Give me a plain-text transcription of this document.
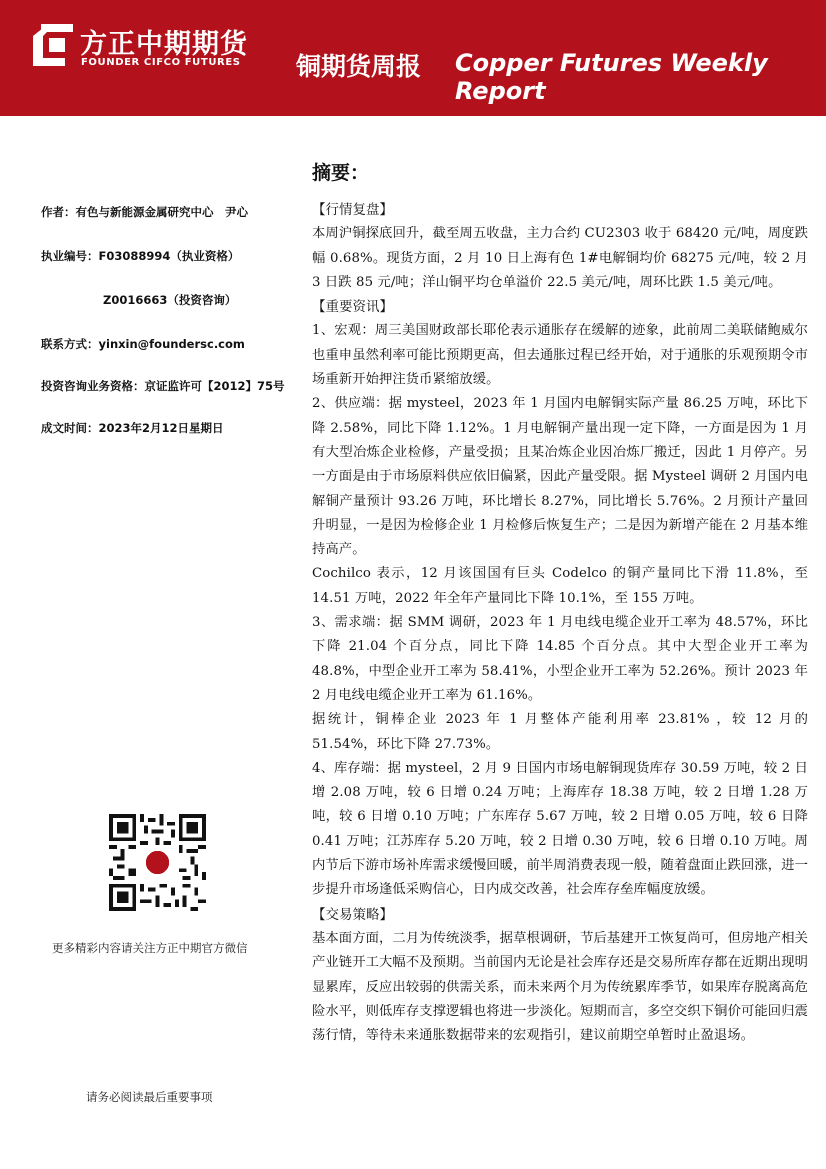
方正中期期货
FOUNDER CIFCO FUTURES 铜期货周报 Copper Futures Weekly Report
作者：有色与新能源金属研究中心　尹心
执业编号：F03088994（执业资格）
Z0016663（投资咨询）
联系方式：yinxin@foundersc.com
投资咨询业务资格：京证监许可【2012】75号
成文时间：2023年2月12日星期日
更多精彩内容请关注方正中期官方微信
请务必阅读最后重要事项
摘要：
【行情复盘】

本周沪铜探底回升，截至周五收盘，主力合约 CU2303 收于 68420 元/吨，周度跌幅 0.68%。现货方面，2 月 10 日上海有色 1#电解铜均价 68275 元/吨，较 2 月 3 日跌 85 元/吨；洋山铜平均仓单溢价 22.5 美元/吨，周环比跌 1.5 美元/吨。

【重要资讯】

1、宏观：周三美国财政部长耶伦表示通胀存在缓解的迹象，此前周二美联储鲍威尔也重申虽然利率可能比预期更高，但去通胀过程已经开始，对于通胀的乐观预期令市场重新开始押注货币紧缩放缓。

2、供应端：据 mysteel，2023 年 1 月国内电解铜实际产量 86.25 万吨，环比下降 2.58%，同比下降 1.12%。1 月电解铜产量出现一定下降，一方面是因为 1 月有大型冶炼企业检修，产量受损；且某冶炼企业因冶炼厂搬迁，因此 1 月停产。另一方面是由于市场原料供应依旧偏紧，因此产量受限。据 Mysteel 调研 2 月国内电解铜产量预计 93.26 万吨，环比增长 8.27%，同比增长 5.76%。2 月预计产量回升明显，一是因为检修企业 1 月检修后恢复生产；二是因为新增产能在 2 月基本维持高产。

Cochilco 表示，12 月该国国有巨头 Codelco 的铜产量同比下滑 11.8%，至 14.51 万吨，2022 年全年产量同比下降 10.1%，至 155 万吨。

3、需求端：据 SMM 调研，2023 年 1 月电线电缆企业开工率为 48.57%，环比下降 21.04 个百分点，同比下降 14.85 个百分点。其中大型企业开工率为 48.8%，中型企业开工率为 58.41%，小型企业开工率为 52.26%。预计 2023 年 2 月电线电缆企业开工率为 61.16%。

据统计，铜棒企业 2023 年 1 月整体产能利用率 23.81% ，较 12 月的 51.54%，环比下降 27.73%。

4、库存端：据 mysteel，2 月 9 日国内市场电解铜现货库存 30.59 万吨，较 2 日增 2.08 万吨，较 6 日增 0.24 万吨；上海库存 18.38 万吨，较 2 日增 1.28 万吨，较 6 日增 0.10 万吨；广东库存 5.67 万吨，较 2 日增 0.05 万吨，较 6 日降 0.41 万吨；江苏库存 5.20 万吨，较 2 日增 0.30 万吨，较 6 日增 0.10 万吨。周内节后下游市场补库需求缓慢回暖，前半周消费表现一般，随着盘面止跌回涨，进一步提升市场逢低采购信心，日内成交改善，社会库存垒库幅度放缓。

【交易策略】

基本面方面，二月为传统淡季，据草根调研，节后基建开工恢复尚可，但房地产相关产业链开工大幅不及预期。当前国内无论是社会库存还是交易所库存都在近期出现明显累库，反应出较弱的供需关系，而未来两个月为传统累库季节，如果库存脱离高危险水平，则低库存支撑逻辑也将进一步淡化。短期而言，多空交织下铜价可能回归震荡行情，等待未来通胀数据带来的宏观指引，建议前期空单暂时止盈退场。
